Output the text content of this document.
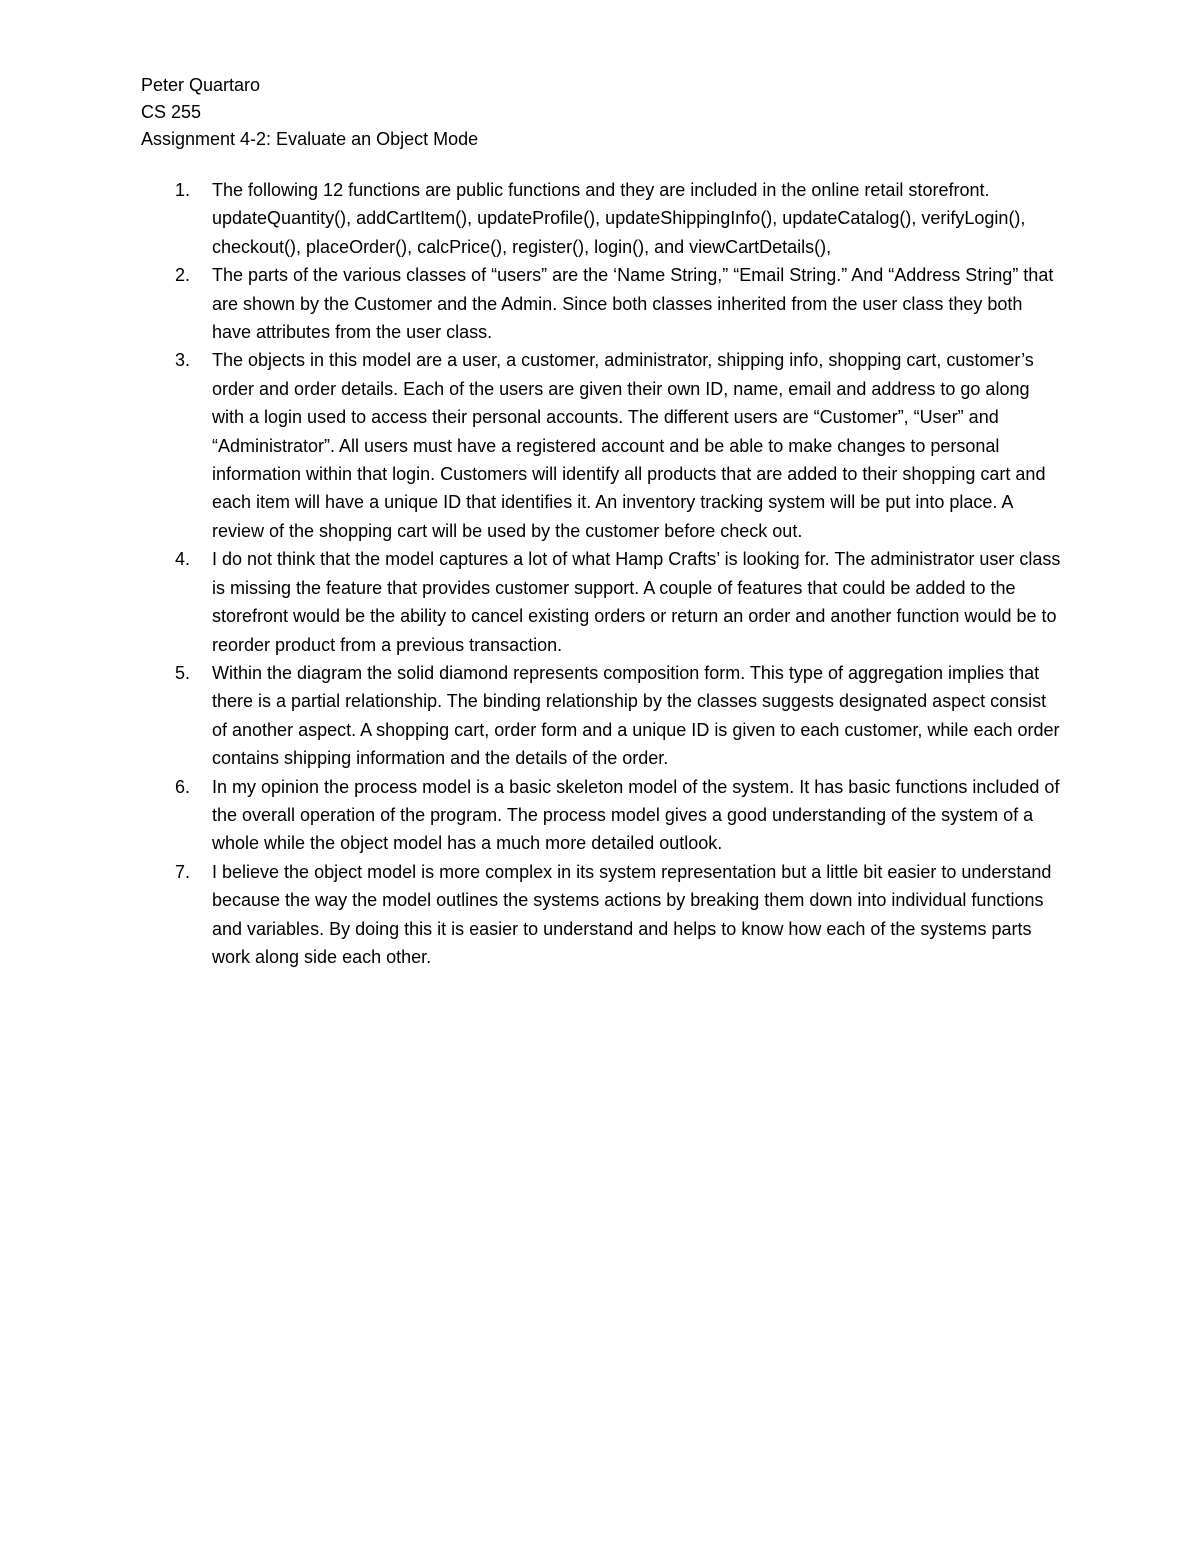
Peter Quartaro
CS 255
Assignment 4-2: Evaluate an Object Mode
1.	The following 12 functions are public functions and they are included in the online retail storefront. updateQuantity(), addCartItem(), updateProfile(), updateShippingInfo(), updateCatalog(), verifyLogin(), checkout(), placeOrder(), calcPrice(), register(), login(), and viewCartDetails(),
2.	The parts of the various classes of “users” are the ‘Name String,” “Email String.” And “Address String” that are shown by the Customer and the Admin. Since both classes inherited from the user class they both have attributes from the user class.
3.	The objects in this model are a user, a customer, administrator, shipping info, shopping cart, customer’s order and order details. Each of the users are given their own ID, name, email and address to go along with a login used to access their personal accounts. The different users are “Customer”, “User” and “Administrator”. All users must have a registered account and be able to make changes to personal information within that login. Customers will identify all products that are added to their shopping cart and each item will have a unique ID that identifies it. An inventory tracking system will be put into place. A review of the shopping cart will be used by the customer before check out.
4.	I do not think that the model captures a lot of what Hamp Crafts’ is looking for. The administrator user class is missing the feature that provides customer support. A couple of features that could be added to the storefront would be the ability to cancel existing orders or return an order and another function would be to reorder product from a previous transaction.
5.	Within the diagram the solid diamond represents composition form. This type of aggregation implies that there is a partial relationship. The binding relationship by the classes suggests designated aspect consist of another aspect. A shopping cart, order form and a unique ID is given to each customer, while each order contains shipping information and the details of the order.
6.	In my opinion the process model is a basic skeleton model of the system. It has basic functions included of the overall operation of the program. The process model gives a good understanding of the system of a whole while the object model has a much more detailed outlook.
7.	I believe the object model is more complex in its system representation but a little bit easier to understand because the way the model outlines the systems actions by breaking them down into individual functions and variables. By doing this it is easier to understand and helps to know how each of the systems parts work along side each other.
